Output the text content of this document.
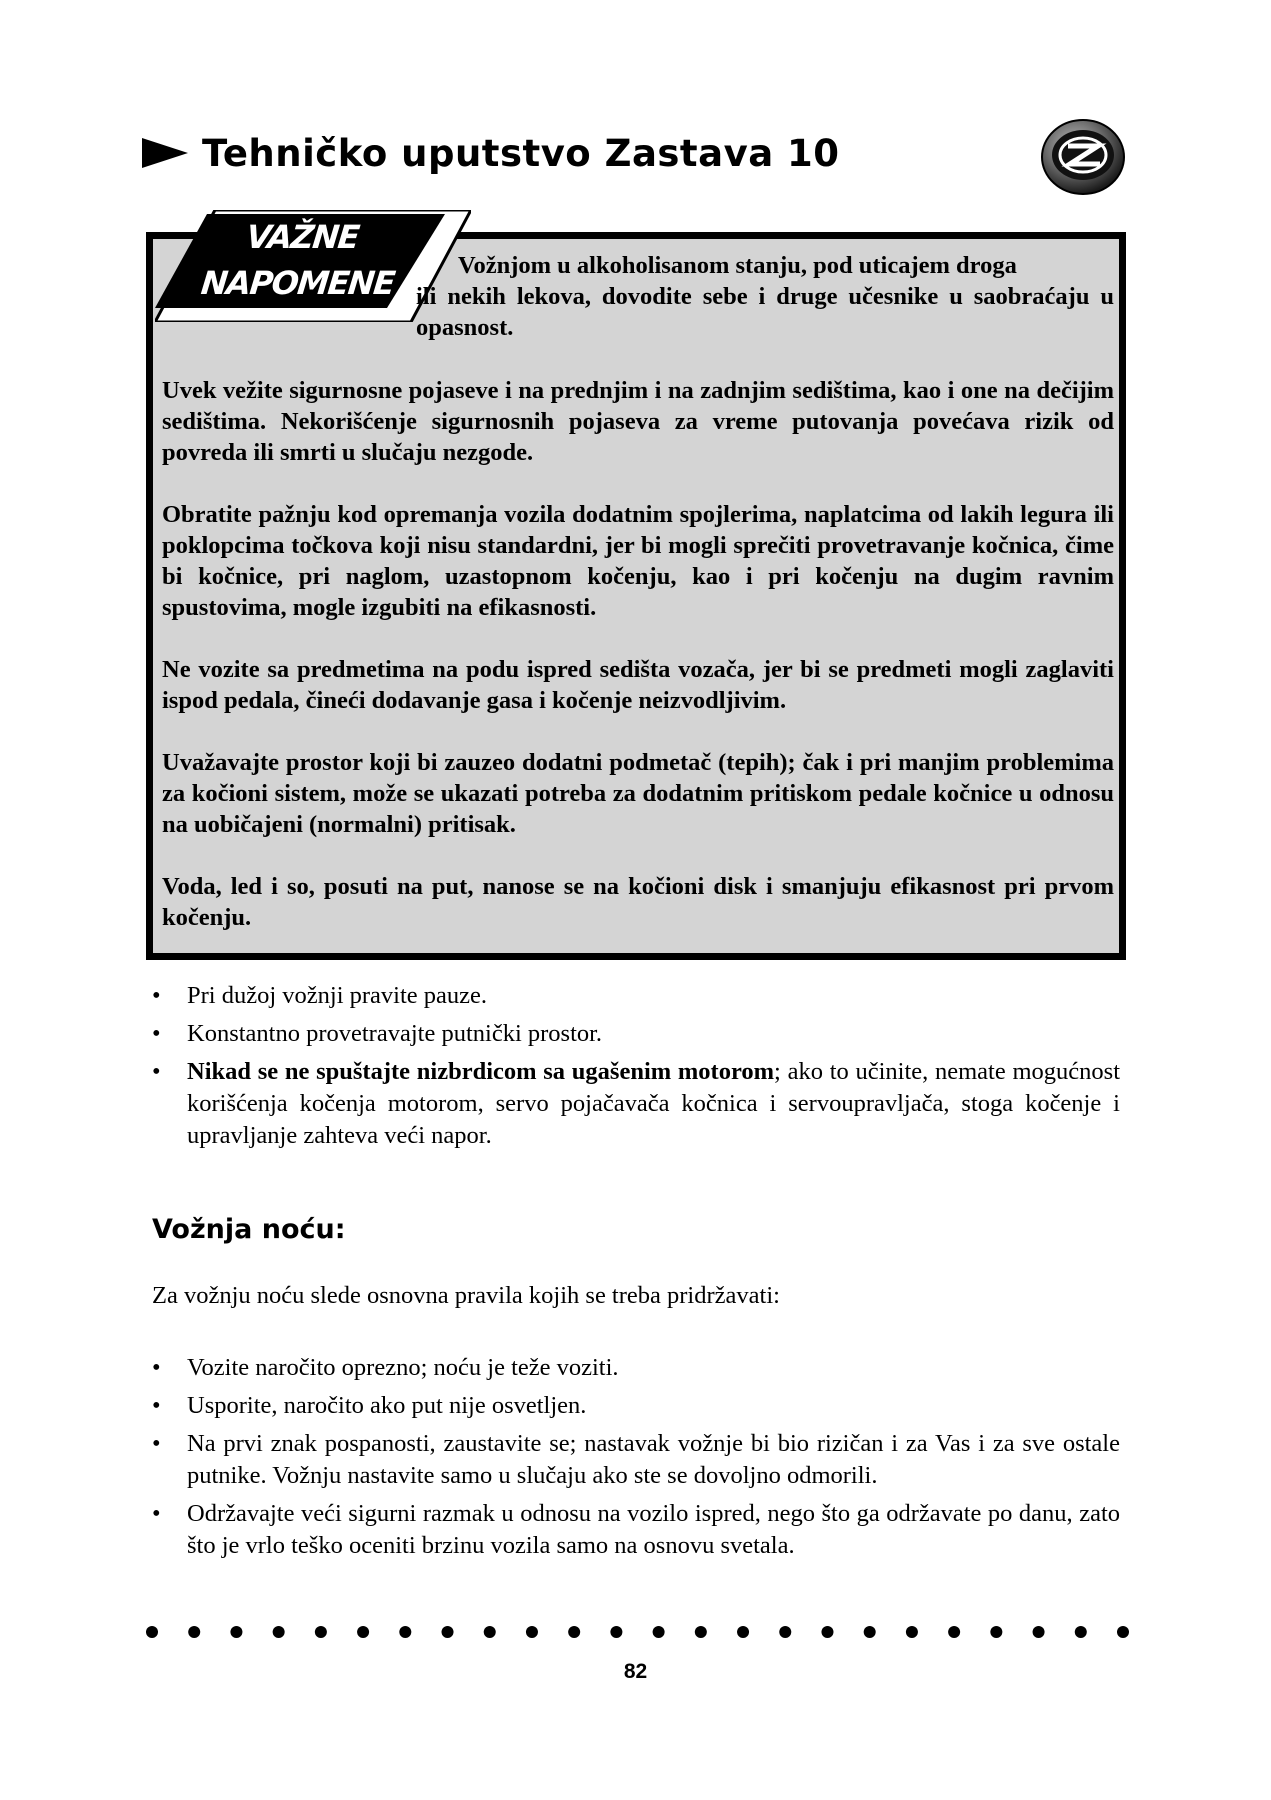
Tehničko uputstvo Zastava 10
VAŽNE
NAPOMENE	Vožnjom u alkoholisanom stanju, pod uticajem droga
ili nekih lekova, dovodite sebe i druge učesnike u saobraćaju u opasnost.

Uvek vežite sigurnosne pojaseve i na prednjim i na zadnjim sedištima, kao i one na dečijim sedištima. Nekorišćenje sigurnosnih pojaseva za vreme putovanja povećava rizik od povreda ili smrti u slučaju nezgode.

Obratite pažnju kod opremanja vozila dodatnim spojlerima, naplatcima od lakih legura ili poklopcima točkova koji nisu standardni, jer bi mogli sprečiti provetravanje kočnica, čime bi kočnice, pri naglom, uzastopnom kočenju, kao i pri kočenju na dugim ravnim spustovima, mogle izgubiti na efikasnosti.

Ne vozite sa predmetima na podu ispred sedišta vozača, jer bi se predmeti mogli zaglaviti ispod pedala, čineći dodavanje gasa i kočenje neizvodljivim.

Uvažavajte prostor koji bi zauzeo dodatni podmetač (tepih); čak i pri manjim problemima za kočioni sistem, može se ukazati potreba za dodatnim pritiskom pedale kočnice u odnosu na uobičajeni (normalni) pritisak.

Voda, led i so, posuti na put, nanose se na kočioni disk i smanjuju efikasnost pri prvom kočenju.

• Pri dužoj vožnji pravite pauze.
• Konstantno provetravajte putnički prostor.
• Nikad se ne spuštajte nizbrdicom sa ugašenim motorom; ako to učinite, nemate mogućnost korišćenja kočenja motorom, servo pojačavača kočnica i servoupravljača, stoga kočenje i upravljanje zahteva veći napor.
Vožnja noću:
Za vožnju noću slede osnovna pravila kojih se treba pridržavati:
• Vozite naročito oprezno; noću je teže voziti.
• Usporite, naročito ako put nije osvetljen.
• Na prvi znak pospanosti, zaustavite se; nastavak vožnje bi bio rizičan i za Vas i za sve ostale putnike. Vožnju nastavite samo u slučaju ako ste se dovoljno odmorili.
• Održavajte veći sigurni razmak u odnosu na vozilo ispred, nego što ga održavate po danu, zato što je vrlo teško oceniti brzinu vozila samo na osnovu svetala.
82
